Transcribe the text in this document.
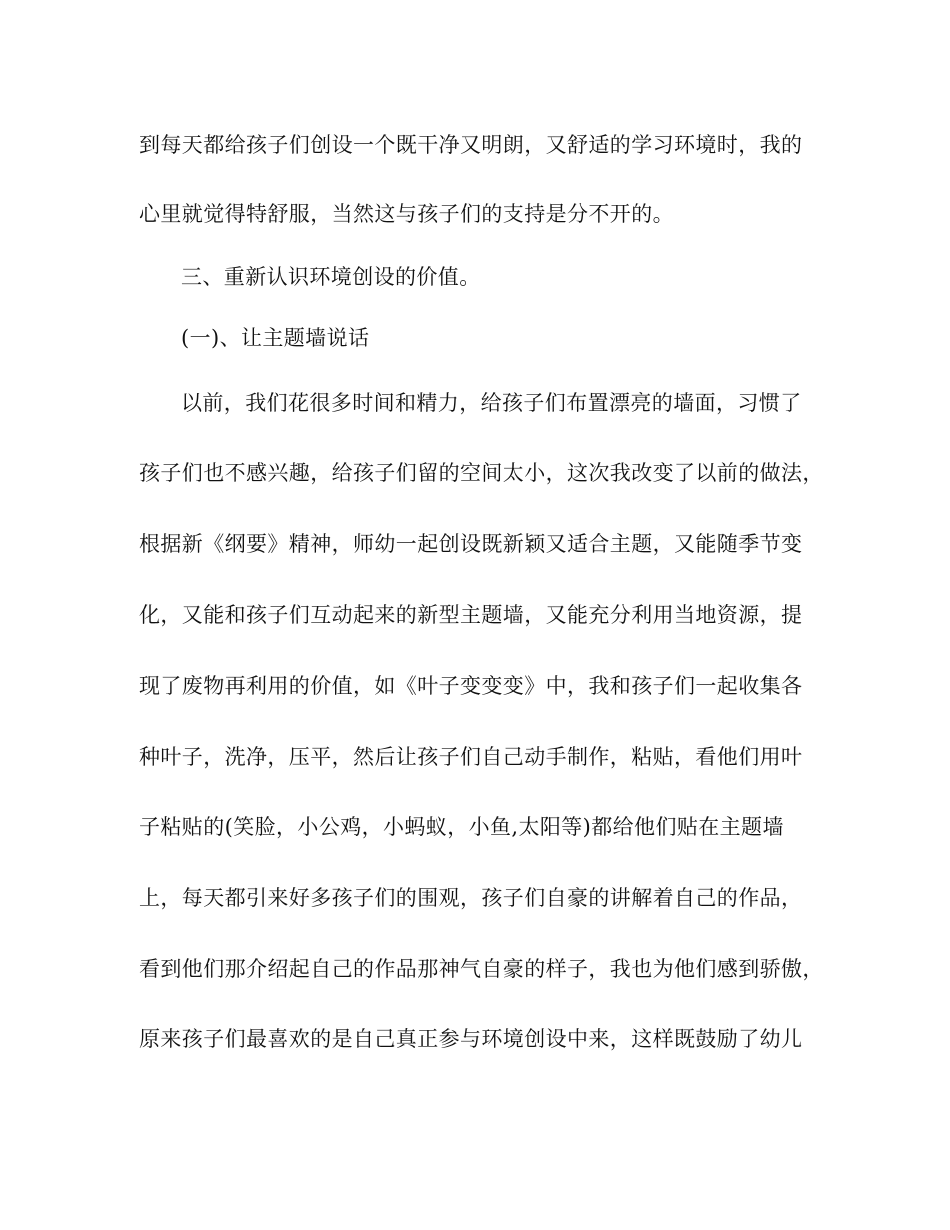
到每天都给孩子们创设一个既干净又明朗，又舒适的学习环境时，我的
心里就觉得特舒服，当然这与孩子们的支持是分不开的。
三、重新认识环境创设的价值。
(一)、让主题墙说话
以前，我们花很多时间和精力，给孩子们布置漂亮的墙面，习惯了
孩子们也不感兴趣，给孩子们留的空间太小，这次我改变了以前的做法，
根据新《纲要》精神，师幼一起创设既新颖又适合主题，又能随季节变
化，又能和孩子们互动起来的新型主题墙，又能充分利用当地资源，提
现了废物再利用的价值，如《叶子变变变》中，我和孩子们一起收集各
种叶子，洗净，压平，然后让孩子们自己动手制作，粘贴，看他们用叶
子粘贴的(笑脸，小公鸡，小蚂蚁，小鱼,太阳等)都给他们贴在主题墙
上，每天都引来好多孩子们的围观，孩子们自豪的讲解着自己的作品，
看到他们那介绍起自己的作品那神气自豪的样子，我也为他们感到骄傲，
原来孩子们最喜欢的是自己真正参与环境创设中来，这样既鼓励了幼儿
